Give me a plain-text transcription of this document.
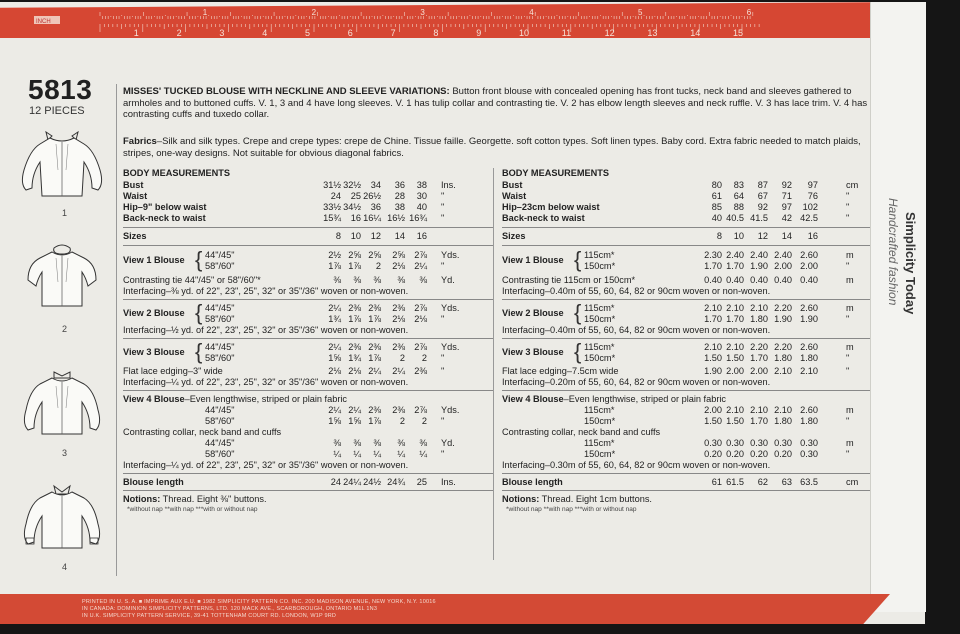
INCH
1	2	3	4	5	6
1	2	3	4	5	6	7	8	9	10	11	12	13	14	15
Simplicity Today
Handcrafted fashion
5813
12 PIECES
MISSES' TUCKED BLOUSE WITH NECKLINE AND SLEEVE VARIATIONS: Button front blouse with concealed opening has front tucks, neck band and sleeves gathered to armholes and to buttoned cuffs. V. 1, 3 and 4 have long sleeves. V. 1 has tulip collar and contrasting tie. V. 2 has elbow length sleeves and neck ruffle. V. 3 has lace trim. V. 4 has contrasting cuffs and tuxedo collar.
Fabrics–Silk and silk types. Crepe and crepe types: crepe de Chine. Tissue faille. Georgette. soft cotton types. Soft linen types. Baby cord. Extra fabric needed to match plaids, stripes, one-way designs. Not suitable for obvious diagonal fabrics.
1
2
3
4
BODY MEASUREMENTS
Bust	31½ 32½	34	36	38 Ins.
Waist	24	25 26½	28	30 "
Hip–9" below waist	33½ 34½	36	38	40 "
Back-neck to waist	15¾	16 16¼ 16½ 16¾ "
Sizes	8	10	12	14	16
View 1 Blouse { 44"/45"	2½ 2⅝ 2⅝	2⅝	2⅞ Yds.
58"/60"	1⅞ 1⅞	2	2⅛	2¼ "
Contrasting tie 44"/45" or 58"/60"*	⅜	⅜	⅜	⅜	⅜ Yd.
Interfacing–⅜ yd. of 22", 23", 25", 32" or 35"/36" woven or non-woven.
View 2 Blouse { 44"/45"	2¼ 2⅜ 2⅜	2⅜	2⅞ Yds.
58"/60"	1¾ 1⅞ 1⅞	2⅛	2⅛ "
Interfacing–½ yd. of 22", 23", 25", 32" or 35"/36" woven or non-woven.
View 3 Blouse { 44"/45"	2¼ 2⅜ 2⅜	2⅜	2⅞ Yds.
58"/60"	1⅝ 1¾ 1⅞	2	2 "
Flat lace edging–3" wide	2⅛ 2⅛ 2¼	2¼	2⅜ "
Interfacing–¼ yd. of 22", 23", 25", 32" or 35"/36" woven or non-woven.
View 4 Blouse–Even lengthwise, striped or plain fabric
44"/45"	2¼ 2¼ 2⅜	2⅜	2⅞ Yds.
58"/60"	1⅝ 1⅝ 1⅞	2	2 "
Contrasting collar, neck band and cuffs
44"/45"	⅜	⅜	⅜	⅜	⅜ Yd.
58"/60"	¼	¼	¼	¼	¼ "
Interfacing–¼ yd. of 22", 23", 25", 32" or 35"/36" woven or non-woven.
Blouse length	24 24¼ 24½ 24¾	25 Ins.
Notions: Thread. Eight ⅜" buttons.
*without nap **with nap ***with or without nap
BODY MEASUREMENTS
Bust	80	83	87	92	97	cm
Waist	61	64	67	71	76	"
Hip–23cm below waist	85	88	92	97	102	"
Back-neck to waist	40 40.5 41.5	42 42.5	"
Sizes	8	10	12	14	16
View 1 Blouse { 115cm*	2.30 2.40 2.40 2.40 2.60	m
150cm*	1.70 1.70 1.90 2.00 2.00	"
Contrasting tie 115cm or 150cm*	0.40 0.40 0.40 0.40 0.40	m
Interfacing–0.40m of 55, 60, 64, 82 or 90cm woven or non-woven.
View 2 Blouse { 115cm*	2.10 2.10 2.10 2.20 2.60	m
150cm*	1.70 1.70 1.80 1.90 1.90	"
Interfacing–0.40m of 55, 60, 64, 82 or 90cm woven or non-woven.
View 3 Blouse { 115cm*	2.10 2.10 2.20 2.20 2.60	m
150cm*	1.50 1.50 1.70 1.80 1.80	"
Flat lace edging–7.5cm wide	1.90 2.00 2.00 2.10 2.10	"
Interfacing–0.20m of 55, 60, 64, 82 or 90cm woven or non-woven.
View 4 Blouse–Even lengthwise, striped or plain fabric
115cm*	2.00 2.10 2.10 2.10 2.60	m
150cm*	1.50 1.50 1.70 1.80 1.80	"
Contrasting collar, neck band and cuffs
115cm*	0.30 0.30 0.30 0.30 0.30	m
150cm*	0.20 0.20 0.20 0.20 0.30	"
Interfacing–0.30m of 55, 60, 64, 82 or 90cm woven or non-woven.
Blouse length	61 61.5	62	63 63.5	cm
Notions: Thread. Eight 1cm buttons.
*without nap **with nap ***with or without nap
PRINTED IN U. S. A. ■ IMPRIME AUX E.U. ■ 1982 SIMPLICITY PATTERN CO. INC. 200 MADISON AVENUE, NEW YORK, N.Y. 10016
IN CANADA: DOMINION SIMPLICITY PATTERNS, LTD. 120 MACK AVE., SCARBOROUGH, ONTARIO M1L 1N3
IN U.K. SIMPLICITY PATTERN SERVICE, 39-41 TOTTENHAM COURT RD. LONDON, W1P 9RD
